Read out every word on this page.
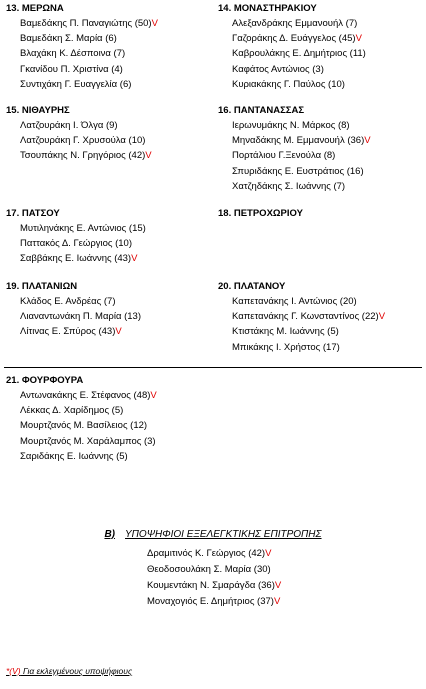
13. ΜΕΡΩΝΑ
Βαμεδάκης Π. Παναγιώτης (50)V
Βαμεδάκη Σ. Μαρία (6)
Βλαχάκη Κ. Δέσποινα (7)
Γκανίδου Π. Χριστίνα (4)
Συντιχάκη Γ. Ευαγγελία (6)
14. ΜΟΝΑΣΤΗΡΑΚΙΟΥ
Αλεξανδράκης Εμμανουήλ (7)
Γαζοράκης Δ. Ευάγγελος (45)V
Καβρουλάκης Ε. Δημήτριος (11)
Καφάτος Αντώνιος (3)
Κυριακάκης Γ. Παύλος (10)
15. ΝΙΘΑΥΡΗΣ
Λατζουράκη Ι. Όλγα (9)
Λατζουράκη Γ. Χρυσούλα (10)
Τσουπάκης Ν. Γρηγόριος (42)V
16. ΠΑΝΤΑΝΑΣΣΑΣ
Ιερωνυμάκης Ν. Μάρκος (8)
Μηναδάκης Μ. Εμμανουήλ (36)V
Πορτάλιου Γ.Ξενούλα (8)
Σπυριδάκης Ε. Ευστράτιος (16)
Χατζηδάκης Σ. Ιωάννης (7)
17. ΠΑΤΣΟΥ
Μυτιληνάκης Ε. Αντώνιος (15)
Παττακός Δ. Γεώργιος (10)
Σαββάκης Ε. Ιωάννης (43)V
18. ΠΕΤΡΟΧΩΡΙΟΥ
19. ΠΛΑΤΑΝΙΩΝ
Κλάδος Ε. Ανδρέας (7)
Λιαναντωνάκη Π. Μαρία (13)
Λίτινας Ε. Σπύρος (43)V
20. ΠΛΑΤΑΝΟΥ
Καπετανάκης Ι. Αντώνιος (20)
Καπετανάκης Γ. Κωνσταντίνος (22)V
Κτιστάκης Μ. Ιωάννης (5)
Μπικάκης Ι. Χρήστος (17)
21. ΦΟΥΡΦΟΥΡΑ
Αντωνακάκης Ε. Στέφανος (48)V
Λέκκας Δ. Χαρίδημος (5)
Μουρτζανός Μ. Βασίλειος (12)
Μουρτζανός Μ. Χαράλαμπος (3)
Σαριδάκης Ε. Ιωάννης (5)
Β) ΥΠΟΨΗΦΙΟΙ ΕΞΕΛΕΓΚΤΙΚΗΣ ΕΠΙΤΡΟΠΗΣ
Δραμιτινός Κ. Γεώργιος (42)V
Θεοδοσουλάκη Σ. Μαρία (30)
Κουμεντάκη Ν. Σμαράγδα (36)V
Μοναχογιός Ε. Δημήτριος (37)V
*(V) Για εκλεγμένους υποψήφιους
